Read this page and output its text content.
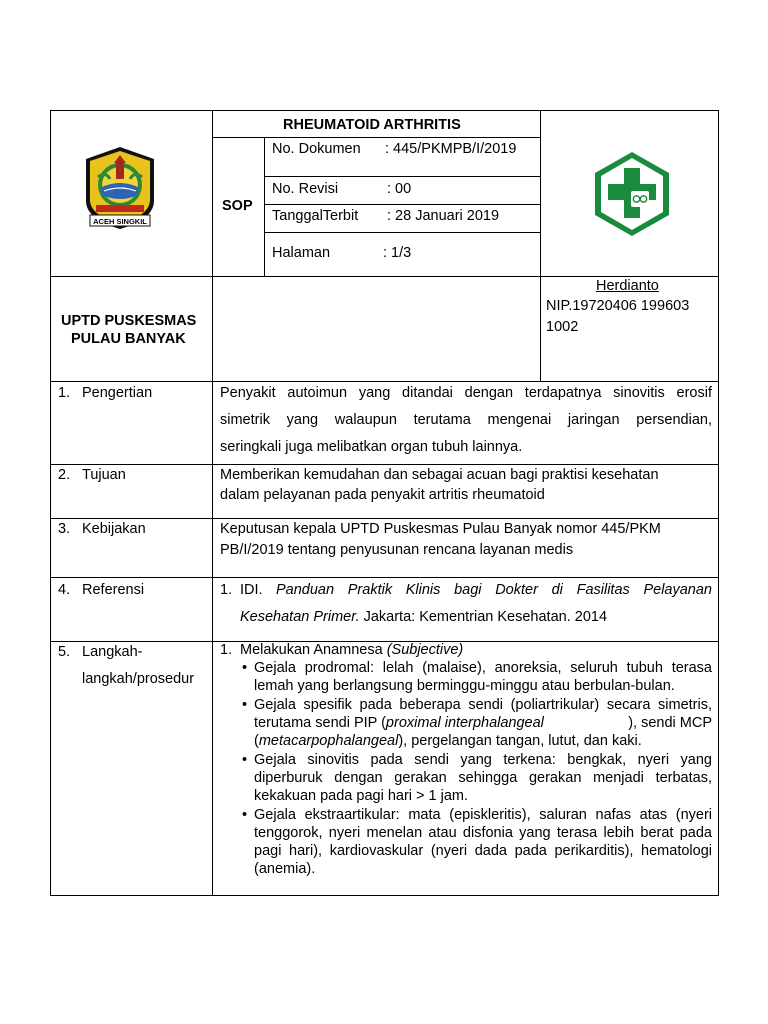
ACEH SINGKIL
RHEUMATOID ARTHRITIS
SOP
No. Dokumen : 445/PKMPB/I/2019
No. Revisi	: 00
TanggalTerbit : 28 Januari 2019
Halaman	: 1/3
UPTD PUSKESMAS
PULAU BANYAK
Herdianto
NIP.19720406 199603
1002
1. Pengertian	Penyakit autoimun yang ditandai dengan terdapatnya sinovitis erosif
simetrik yang walaupun terutama mengenai jaringan persendian,
seringkali juga melibatkan organ tubuh lainnya.
2. Tujuan	Memberikan kemudahan dan sebagai acuan bagi praktisi kesehatan
dalam pelayanan pada penyakit artritis rheumatoid
3. Kebijakan	Keputusan kepala UPTD Puskesmas Pulau Banyak nomor 445/PKM
PB/I/2019 tentang penyusunan rencana layanan medis
4. Referensi	1. IDI. Panduan Praktik Klinis bagi Dokter di Fasilitas Pelayanan
Kesehatan Primer. Jakarta: Kementrian Kesehatan. 2014
5. Langkah-
langkah/prosedur
1. Melakukan Anamnesa (Subjective)
• Gejala prodromal: lelah (malaise), anoreksia, seluruh tubuh terasa
lemah yang berlangsung berminggu-minggu atau berbulan-bulan.
• Gejala spesifik pada beberapa sendi (poliartrikular) secara simetris,
terutama sendi PIP (proximal interphalangeal	), sendi MCP
(metacarpophalangeal), pergelangan tangan, lutut, dan kaki.
• Gejala sinovitis pada sendi yang terkena: bengkak, nyeri yang
diperburuk dengan gerakan sehingga gerakan menjadi terbatas,
kekakuan pada pagi hari > 1 jam.
• Gejala ekstraartikular: mata (episkleritis), saluran nafas atas (nyeri
tenggorok, nyeri menelan atau disfonia yang terasa lebih berat pada
pagi hari), kardiovaskular (nyeri dada pada perikarditis), hematologi
(anemia).
